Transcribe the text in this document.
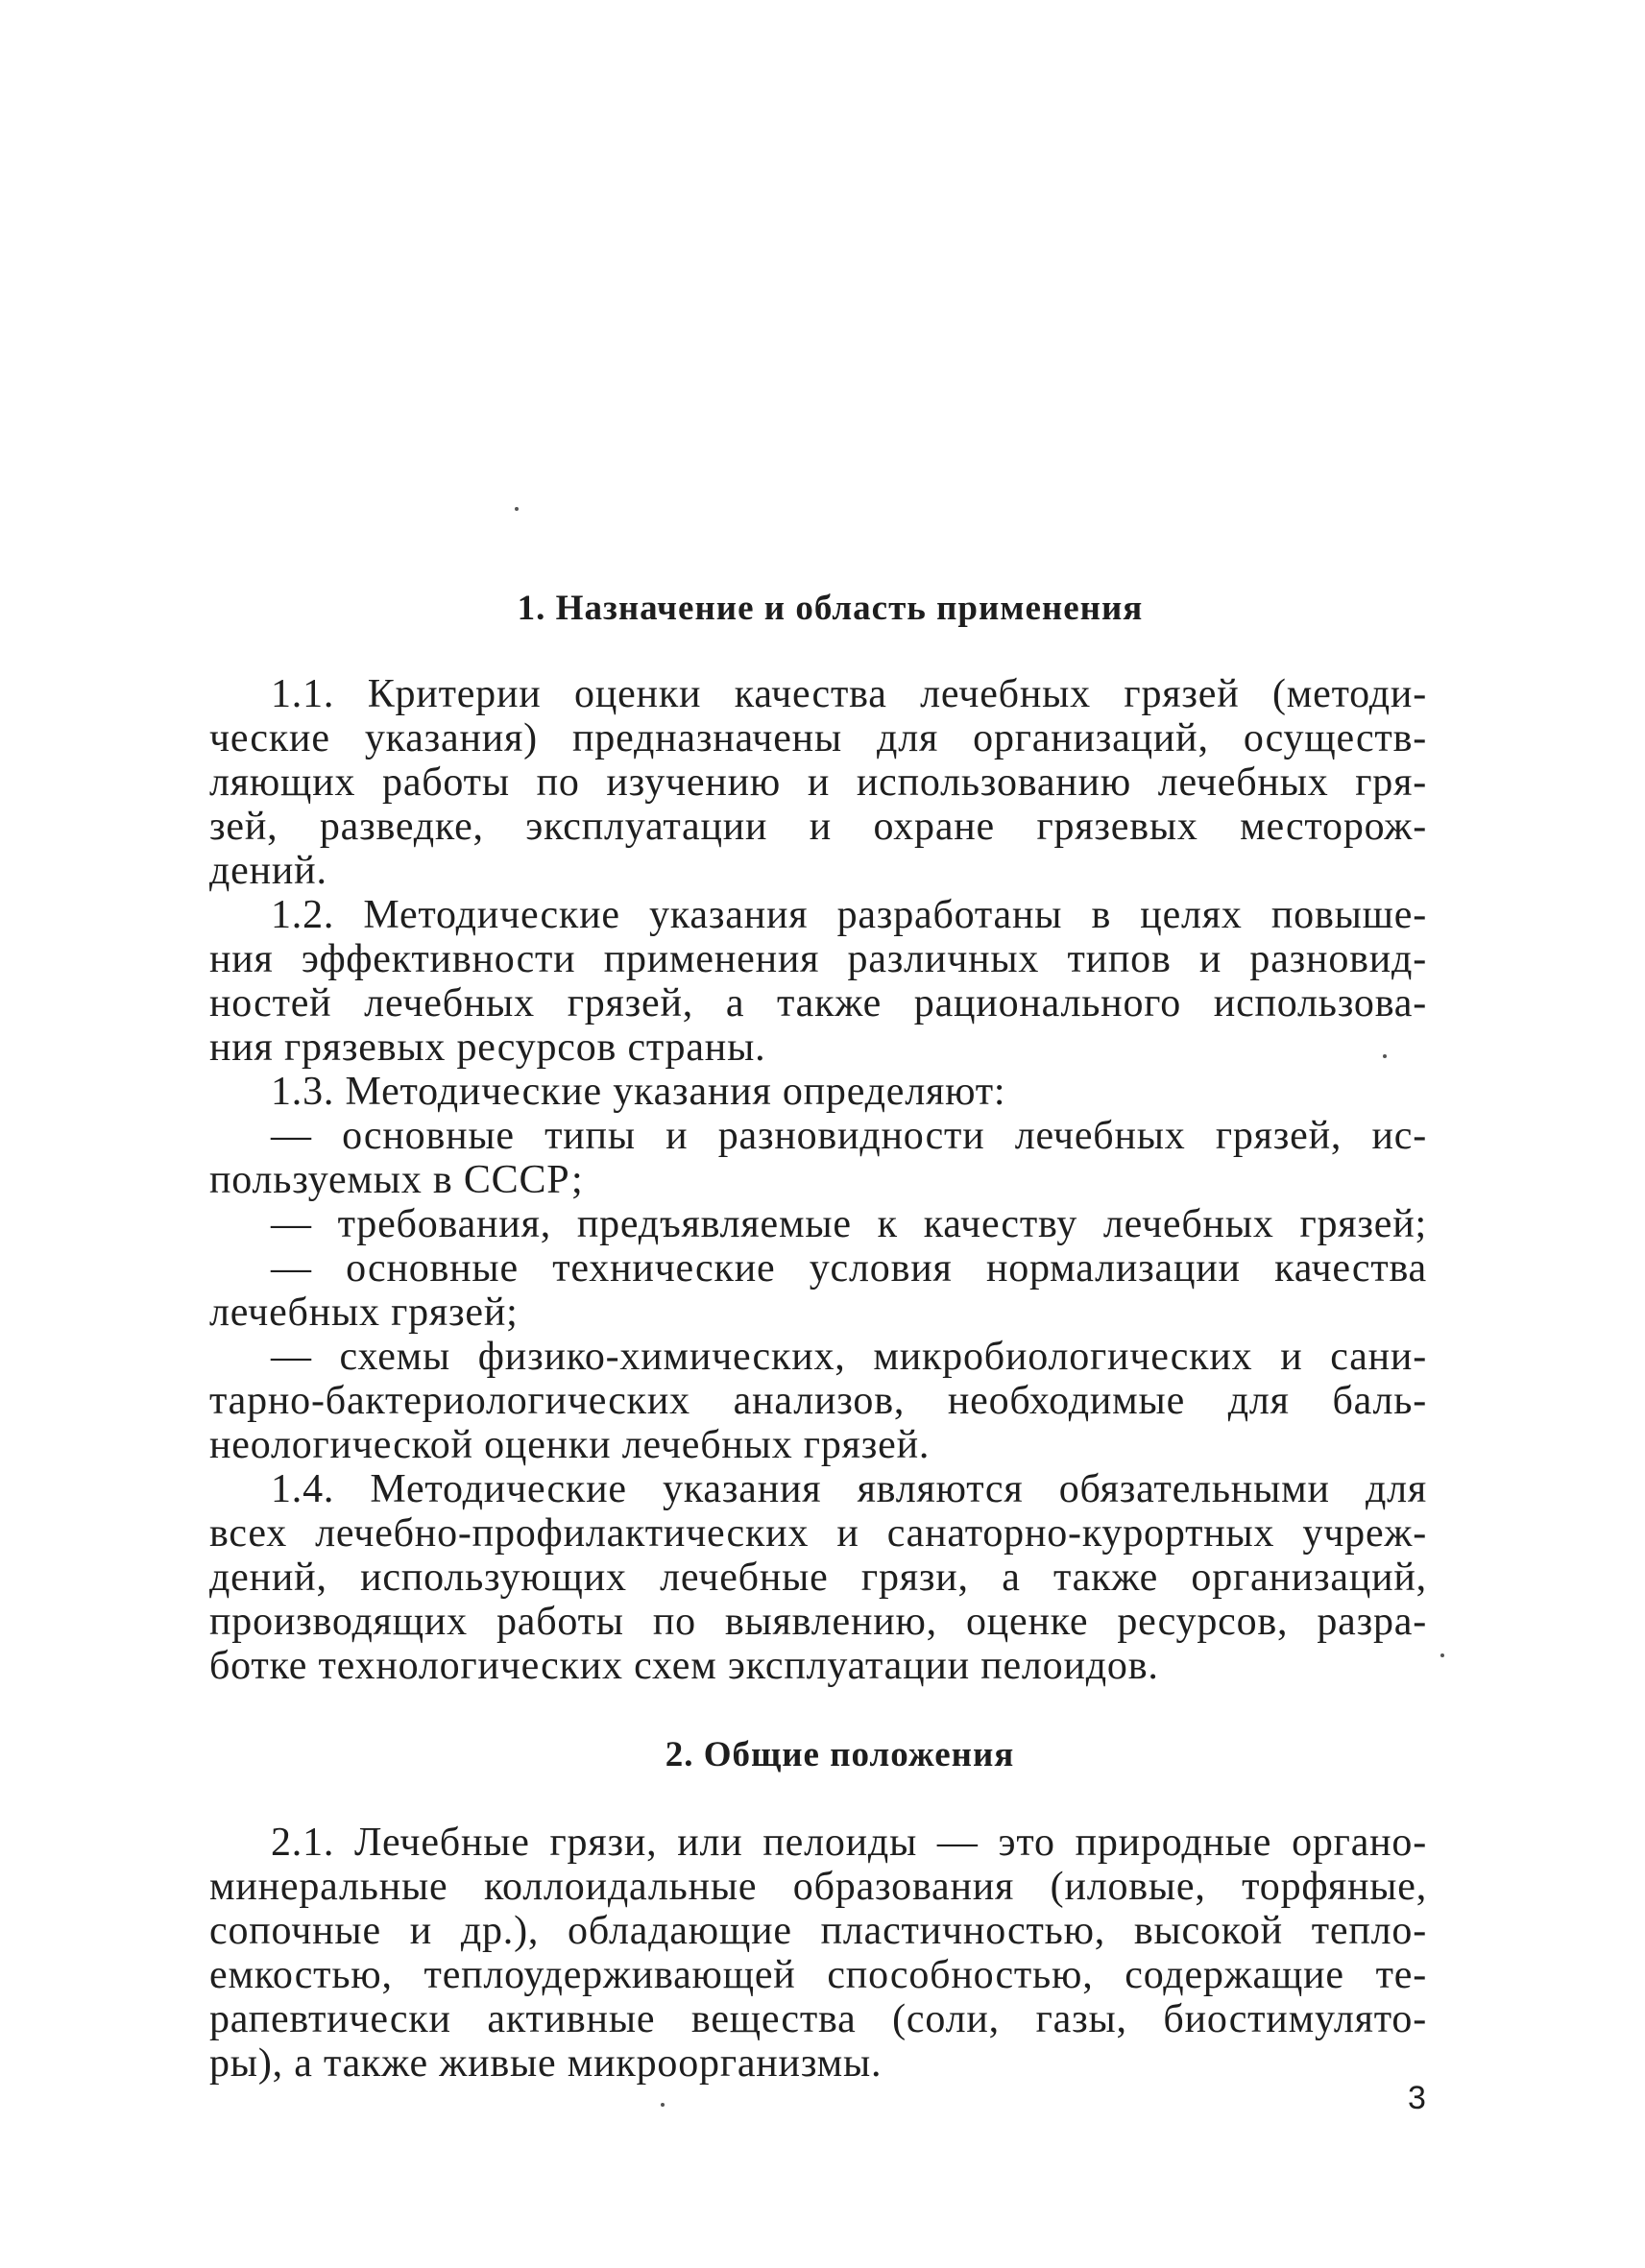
1. Назначение и область применения
1.1. Критерии оценки качества лечебных грязей (методи-
ческие указания) предназначены для организаций, осуществ-
ляющих работы по изучению и использованию лечебных гря-
зей, разведке, эксплуатации и охране грязевых месторож-
дений.
1.2. Методические указания разработаны в целях повыше-
ния эффективности применения различных типов и разновид-
ностей лечебных грязей, а также рационального использова-
ния грязевых ресурсов страны.
1.3. Методические указания определяют:
— основные типы и разновидности лечебных грязей, ис-
пользуемых в СССР;
— требования, предъявляемые к качеству лечебных грязей;
— основные технические условия нормализации качества
лечебных грязей;
— схемы физико-химических, микробиологических и сани-
тарно-бактериологических анализов, необходимые для баль-
неологической оценки лечебных грязей.
1.4. Методические указания являются обязательными для
всех лечебно-профилактических и санаторно-курортных учреж-
дений, использующих лечебные грязи, а также организаций,
производящих работы по выявлению, оценке ресурсов, разра-
ботке технологических схем эксплуатации пелоидов.
2. Общие положения
2.1. Лечебные грязи, или пелоиды — это природные органо-
минеральные коллоидальные образования (иловые, торфяные,
сопочные и др.), обладающие пластичностью, высокой тепло-
емкостью, теплоудерживающей способностью, содержащие те-
рапевтически активные вещества (соли, газы, биостимулято-
ры), а также живые микроорганизмы.
3
